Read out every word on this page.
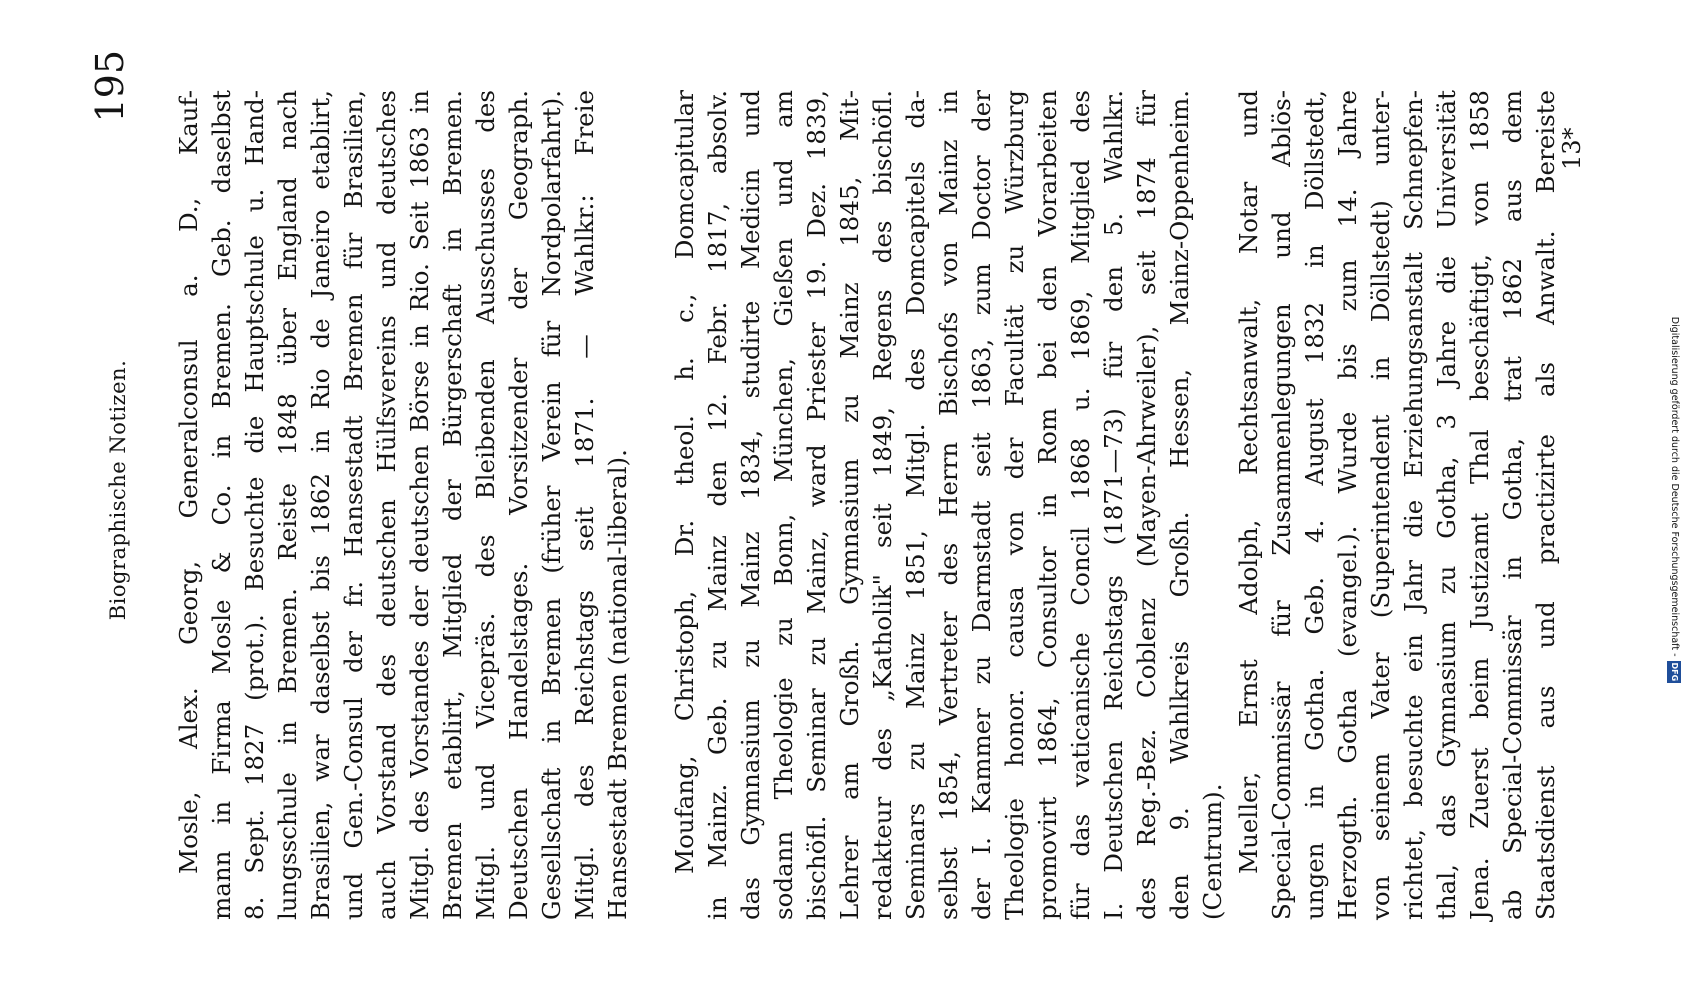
Biographische Notizen.
195
Mosle, Alex. Georg, Generalconsul a. D., Kauf- mann in Firma Mosle & Co. in Bremen. Geb. daselbst 8. Sept. 1827 (prot.). Besuchte die Hauptschule u. Hand- lungsschule in Bremen. Reiste 1848 über England nach Brasilien, war daselbst bis 1862 in Rio de Janeiro etablirt, und Gen.-Consul der fr. Hansestadt Bremen für Brasilien, auch Vorstand des deutschen Hülfsvereins und deutsches Mitgl. des Vorstandes der deutschen Börse in Rio. Seit 1863 in Bremen etablirt, Mitglied der Bürgerschaft in Bremen. Mitgl. und Vicepräs. des Bleibenden Ausschusses des Deutschen Handelstages. Vorsitzender der Geograph. Gesellschaft in Bremen (früher Verein für Nordpolarfahrt). Mitgl. des Reichstags seit 1871. — Wahlkr.: Freie Hansestadt Bremen (national-liberal). Moufang, Christoph, Dr. theol. h. c., Domcapitular in Mainz. Geb. zu Mainz den 12. Febr. 1817, absolv. das Gymnasium zu Mainz 1834, studirte Medicin und sodann Theologie zu Bonn, München, Gießen und am bischöfl. Seminar zu Mainz, ward Priester 19. Dez. 1839, Lehrer am Großh. Gymnasium zu Mainz 1845, Mit- redakteur des „Katholik" seit 1849, Regens des bischöfl. Seminars zu Mainz 1851, Mitgl. des Domcapitels da- selbst 1854, Vertreter des Herrn Bischofs von Mainz in der I. Kammer zu Darmstadt seit 1863, zum Doctor der Theologie honor. causa von der Facultät zu Würzburg promovirt 1864, Consultor in Rom bei den Vorarbeiten für das vaticanische Concil 1868 u. 1869, Mitglied des I. Deutschen Reichstags (1871—73) für den 5. Wahlkr. des Reg.-Bez. Coblenz (Mayen-Ahrweiler), seit 1874 für den 9. Wahlkreis Großh. Hessen, Mainz-Oppenheim. (Centrum). Mueller, Ernst Adolph, Rechtsanwalt, Notar und Special-Commissär für Zusammenlegungen und Ablös- ungen in Gotha. Geb. 4. August 1832 in Döllstedt, Herzogth. Gotha (evangel.). Wurde bis zum 14. Jahre von seinem Vater (Superintendent in Döllstedt) unter- richtet, besuchte ein Jahr die Erziehungsanstalt Schnepfen- thal, das Gymnasium zu Gotha, 3 Jahre die Universität Jena. Zuerst beim Justizamt Thal beschäftigt, von 1858 ab Special-Commissär in Gotha, trat 1862 aus dem Staatsdienst aus und practizirte als Anwalt. Bereiste
13*
Digitalisierung gefördert durch die Deutsche Forschungsgemeinschaft -DFG
